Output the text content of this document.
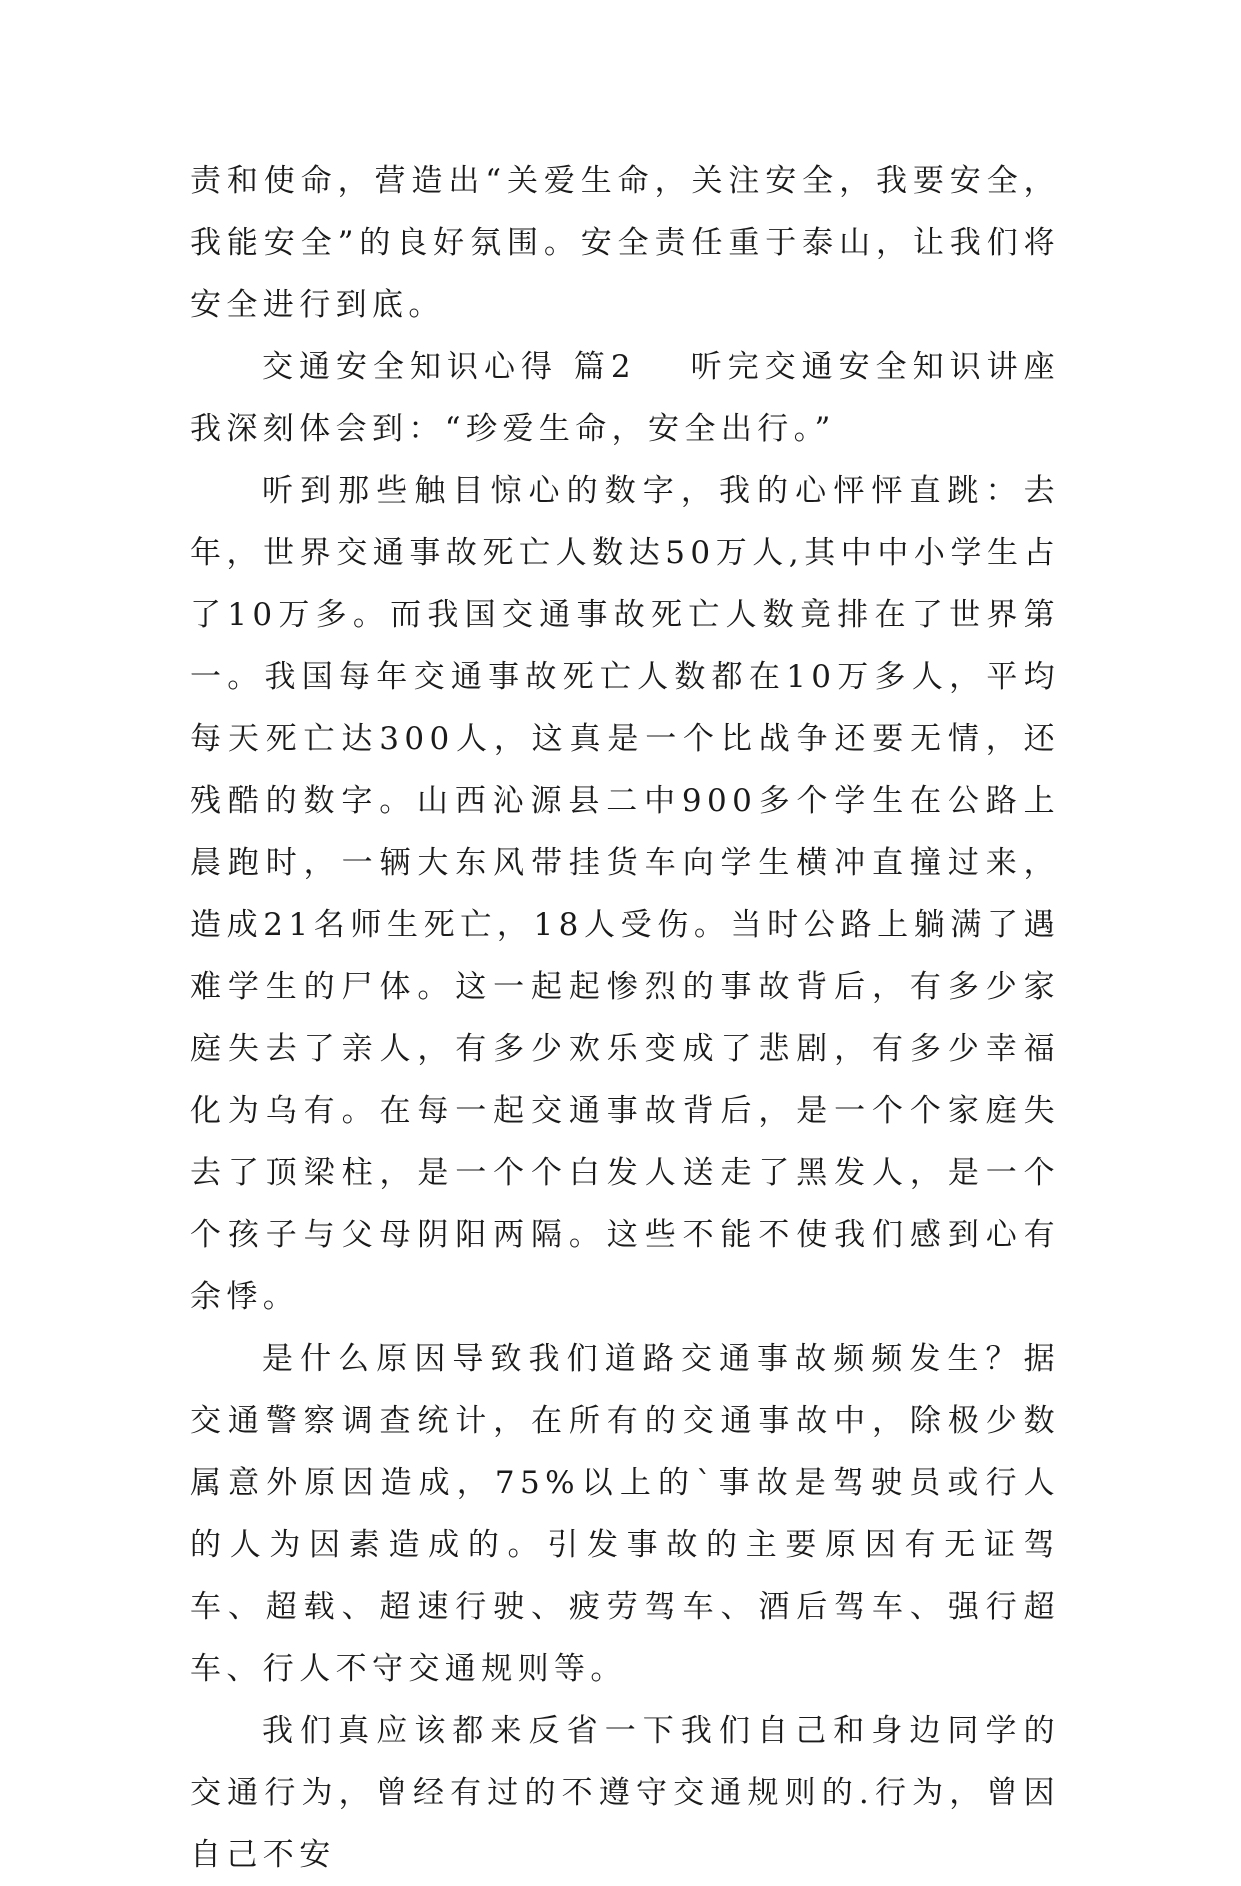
责和使命，营造出“关爱生命，关注安全，我要安全，我能安全”的良好氛围。安全责任重于泰山，让我们将安全进行到底。

交通安全知识心得 篇2 听完交通安全知识讲座我深刻体会到：“珍爱生命，安全出行。”

听到那些触目惊心的数字，我的心怦怦直跳：去年，世界交通事故死亡人数达50万人,其中中小学生占了10万多。而我国交通事故死亡人数竟排在了世界第一。我国每年交通事故死亡人数都在10万多人，平均每天死亡达300人，这真是一个比战争还要无情，还残酷的数字。山西沁源县二中900多个学生在公路上晨跑时，一辆大东风带挂货车向学生横冲直撞过来，造成21名师生死亡，18人受伤。当时公路上躺满了遇难学生的尸体。这一起起惨烈的事故背后，有多少家庭失去了亲人，有多少欢乐变成了悲剧，有多少幸福化为乌有。在每一起交通事故背后，是一个个家庭失去了顶梁柱，是一个个白发人送走了黑发人，是一个个孩子与父母阴阳两隔。这些不能不使我们感到心有余悸。

是什么原因导致我们道路交通事故频频发生？据交通警察调查统计，在所有的交通事故中，除极少数属意外原因造成，75%以上的`事故是驾驶员或行人的人为因素造成的。引发事故的主要原因有无证驾车、超载、超速行驶、疲劳驾车、酒后驾车、强行超车、行人不守交通规则等。

我们真应该都来反省一下我们自己和身边同学的交通行为，曾经有过的不遵守交通规则的.行为，曾因自己不安
